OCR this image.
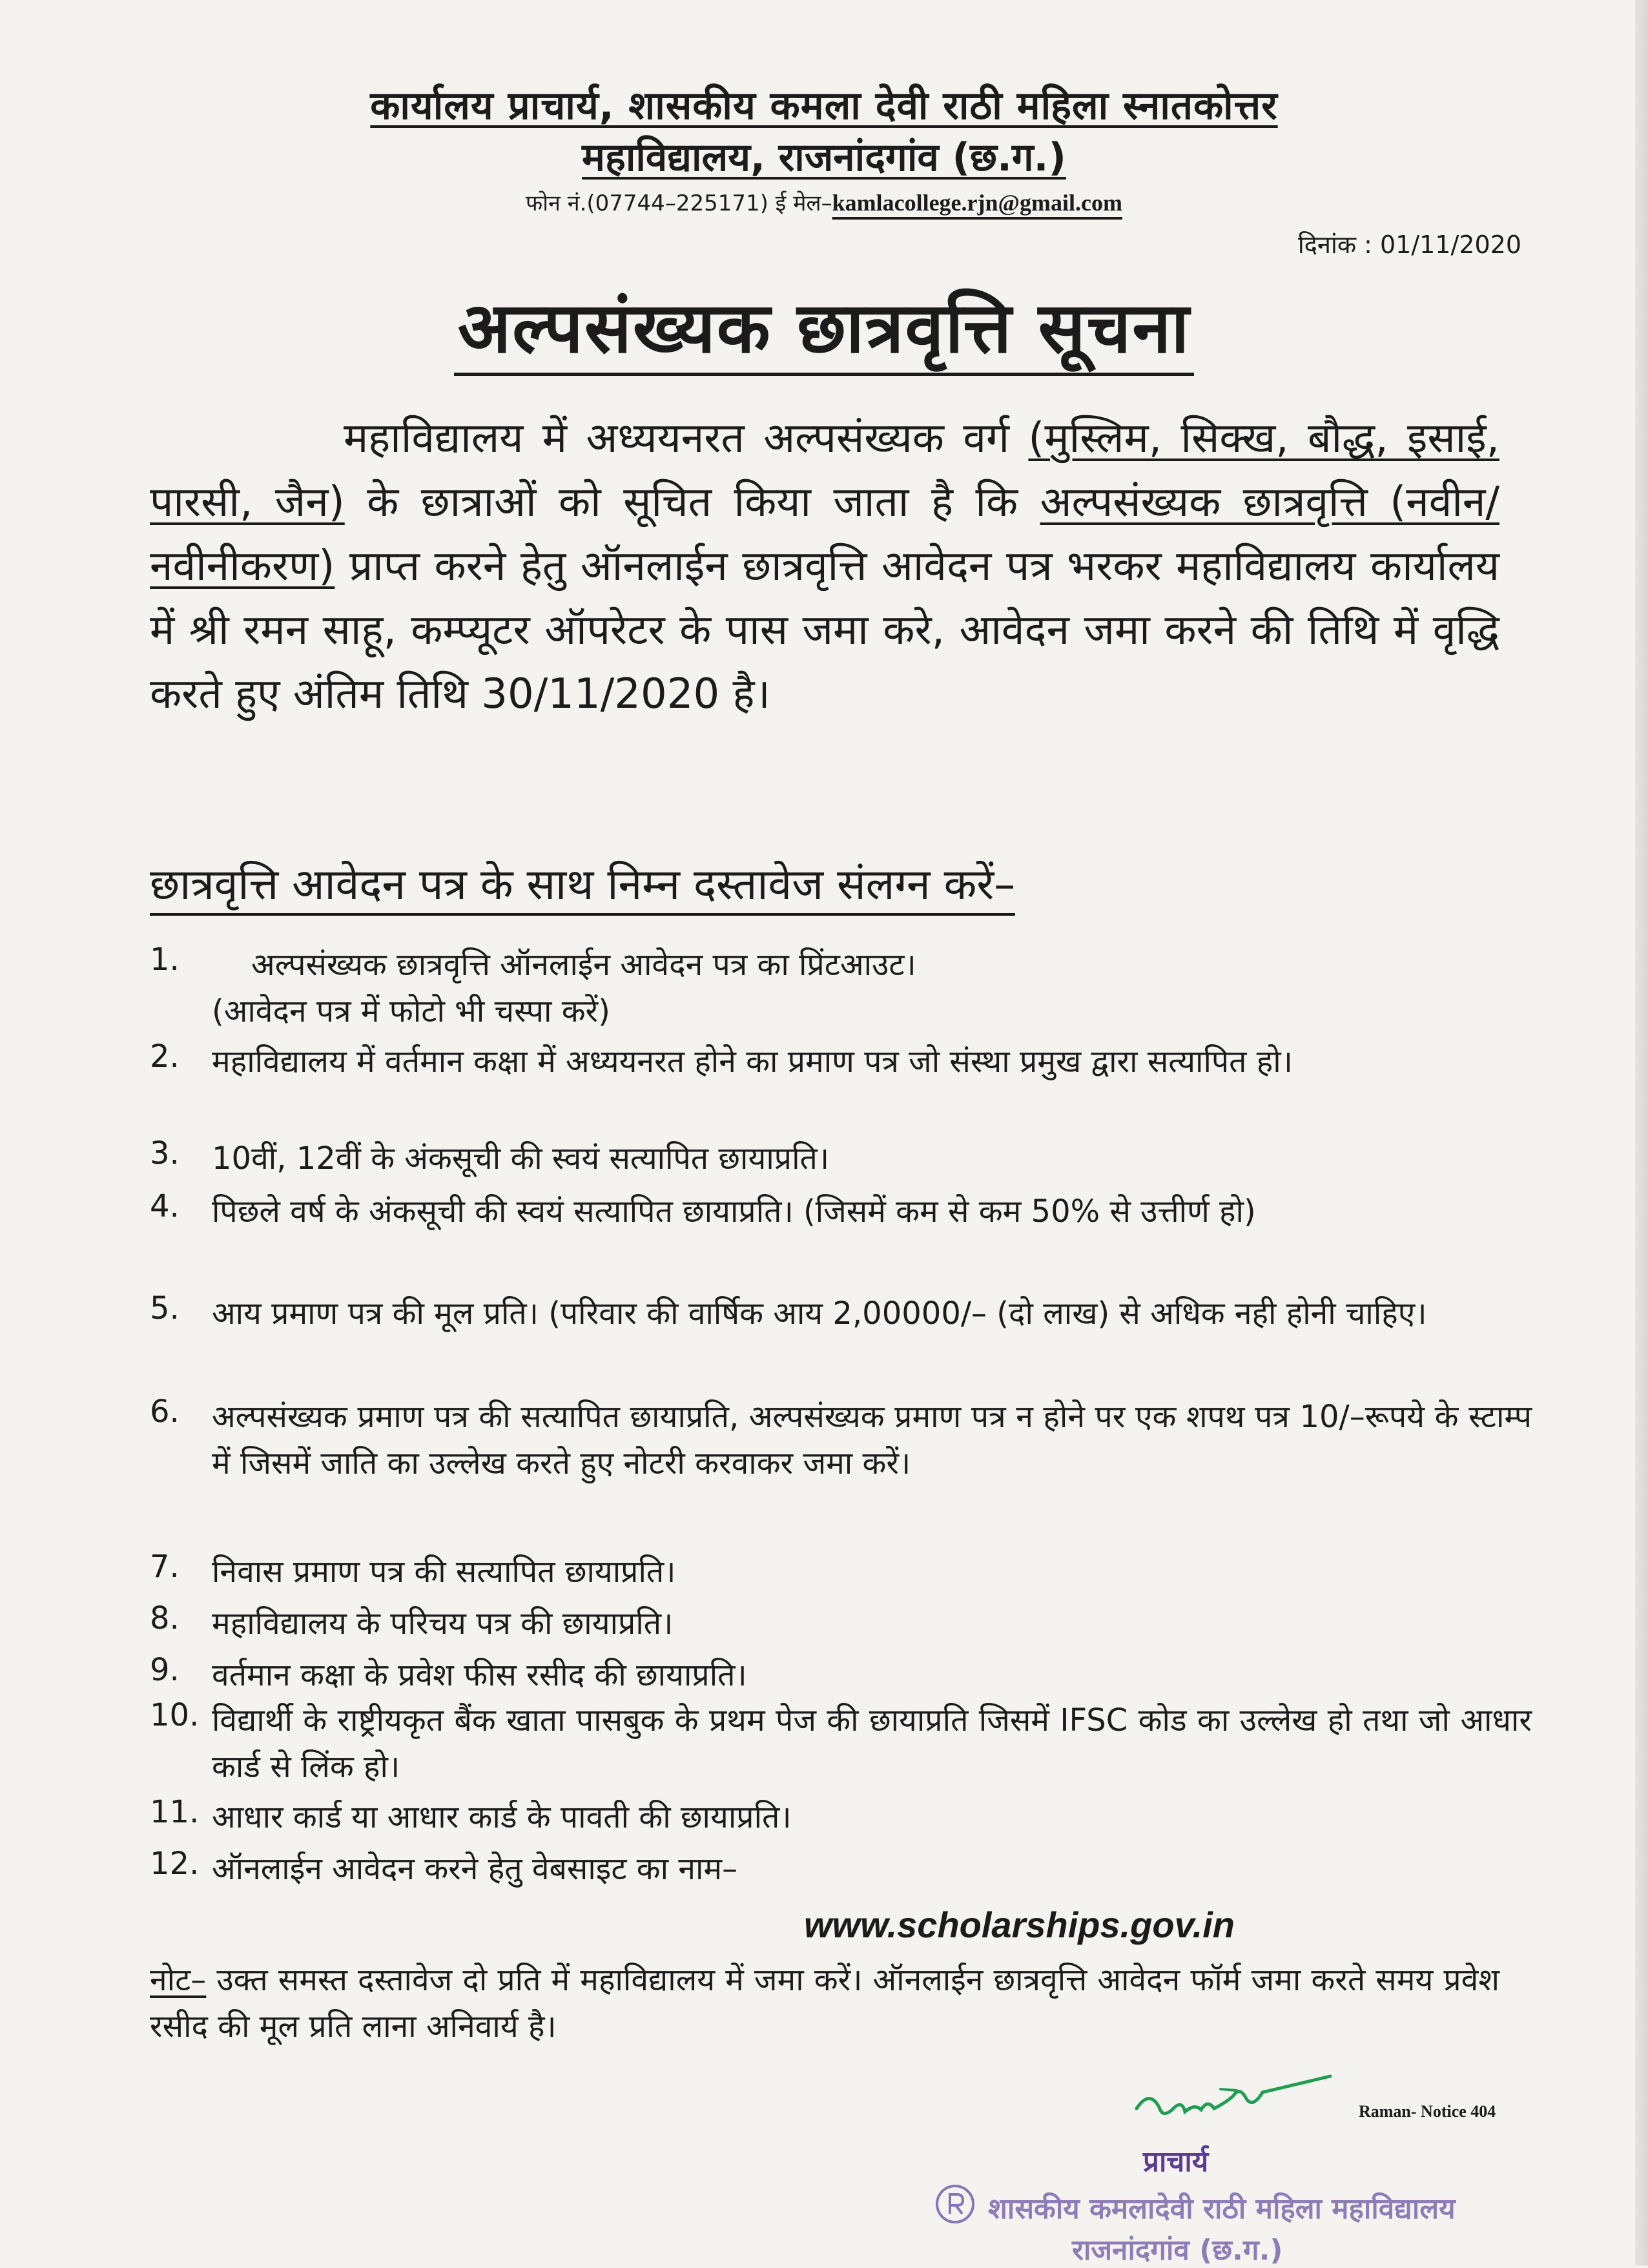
कार्यालय प्राचार्य, शासकीय कमला देवी राठी महिला स्नातकोत्तर
महाविद्यालय, राजनांदगांव (छ.ग.)
फोन नं.(07744–225171) ई मेल–kamlacollege.rjn@gmail.com
दिनांक : 01/11/2020
अल्पसंख्यक छात्रवृत्ति सूचना
महाविद्यालय में अध्ययनरत अल्पसंख्यक वर्ग (मुस्लिम, सिक्ख, बौद्ध, इसाई, पारसी, जैन) के छात्राओं को सूचित किया जाता है कि अल्पसंख्यक छात्रवृत्ति (नवीन/नवीनीकरण) प्राप्त करने हेतु ऑनलाईन छात्रवृत्ति आवेदन पत्र भरकर महाविद्यालय कार्यालय में श्री रमन साहू, कम्प्यूटर ऑपरेटर के पास जमा करे, आवेदन जमा करने की तिथि में वृद्धि करते हुए अंतिम तिथि 30/11/2020 है।
छात्रवृत्ति आवेदन पत्र के साथ निम्न दस्तावेज संलग्न करें–
1.	अल्पसंख्यक छात्रवृत्ति ऑनलाईन आवेदन पत्र का प्रिंटआउट।
(आवेदन पत्र में फोटो भी चस्पा करें)
2.	महाविद्यालय में वर्तमान कक्षा में अध्ययनरत होने का प्रमाण पत्र जो संस्था प्रमुख द्वारा सत्यापित हो।
3.	10वीं, 12वीं के अंकसूची की स्वयं सत्यापित छायाप्रति।
4.	पिछले वर्ष के अंकसूची की स्वयं सत्यापित छायाप्रति। (जिसमें कम से कम 50% से उत्तीर्ण हो)
5.	आय प्रमाण पत्र की मूल प्रति। (परिवार की वार्षिक आय 2,00000/– (दो लाख) से अधिक नही होनी चाहिए।
6.	अल्पसंख्यक प्रमाण पत्र की सत्यापित छायाप्रति, अल्पसंख्यक प्रमाण पत्र न होने पर एक शपथ पत्र 10/–रूपये के स्टाम्प में जिसमें जाति का उल्लेख करते हुए नोटरी करवाकर जमा करें।
7.	निवास प्रमाण पत्र की सत्यापित छायाप्रति।
8.	महाविद्यालय के परिचय पत्र की छायाप्रति।
9.	वर्तमान कक्षा के प्रवेश फीस रसीद की छायाप्रति।
10. विद्यार्थी के राष्ट्रीयकृत बैंक खाता पासबुक के प्रथम पेज की छायाप्रति जिसमें IFSC कोड का उल्लेख हो तथा जो आधार कार्ड से लिंक हो।
11. आधार कार्ड या आधार कार्ड के पावती की छायाप्रति।
12. ऑनलाईन आवेदन करने हेतु वेबसाइट का नाम–
www.scholarships.gov.in
नोट– उक्त समस्त दस्तावेज दो प्रति में महाविद्यालय में जमा करें। ऑनलाईन छात्रवृत्ति आवेदन फॉर्म जमा करते समय प्रवेश रसीद की मूल प्रति लाना अनिवार्य है।
Raman- Notice 404
प्राचार्य
शासकीय कमलादेवी राठी महिला महाविद्यालय
राजनांदगांव (छ.ग.)
